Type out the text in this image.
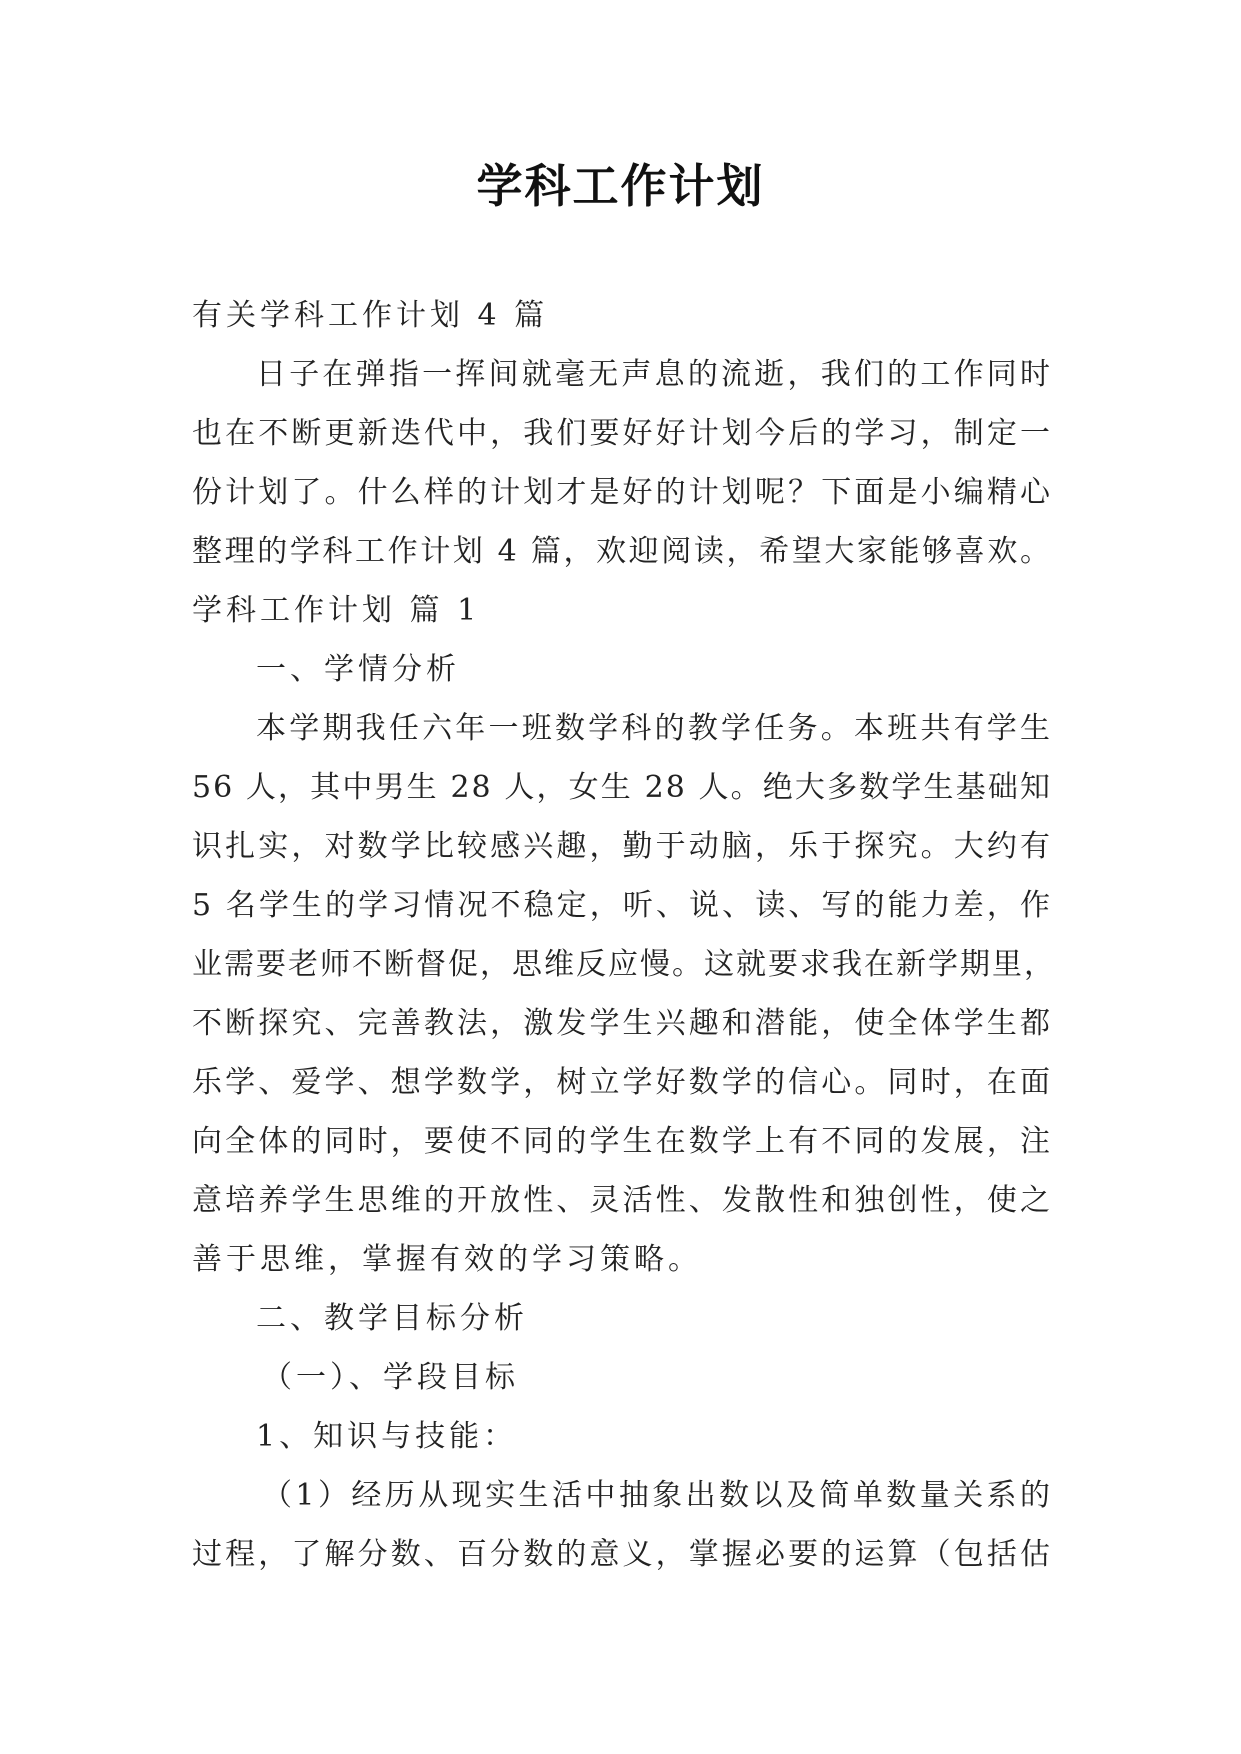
学科工作计划
有关学科工作计划 4 篇
日子在弹指一挥间就毫无声息的流逝，我们的工作同时
也在不断更新迭代中，我们要好好计划今后的学习，制定一
份计划了。什么样的计划才是好的计划呢？下面是小编精心
整理的学科工作计划 4 篇，欢迎阅读，希望大家能够喜欢。
学科工作计划 篇 1
一、学情分析
本学期我任六年一班数学科的教学任务。本班共有学生
56 人，其中男生 28 人，女生 28 人。绝大多数学生基础知
识扎实，对数学比较感兴趣，勤于动脑，乐于探究。大约有
5 名学生的学习情况不稳定，听、说、读、写的能力差，作
业需要老师不断督促，思维反应慢。这就要求我在新学期里，
不断探究、完善教法，激发学生兴趣和潜能，使全体学生都
乐学、爱学、想学数学，树立学好数学的信心。同时，在面
向全体的同时，要使不同的学生在数学上有不同的发展，注
意培养学生思维的开放性、灵活性、发散性和独创性，使之
善于思维，掌握有效的学习策略。
二、教学目标分析
（一）、学段目标
1、知识与技能：
（1）经历从现实生活中抽象出数以及简单数量关系的
过程，了解分数、百分数的意义，掌握必要的运算（包括估
